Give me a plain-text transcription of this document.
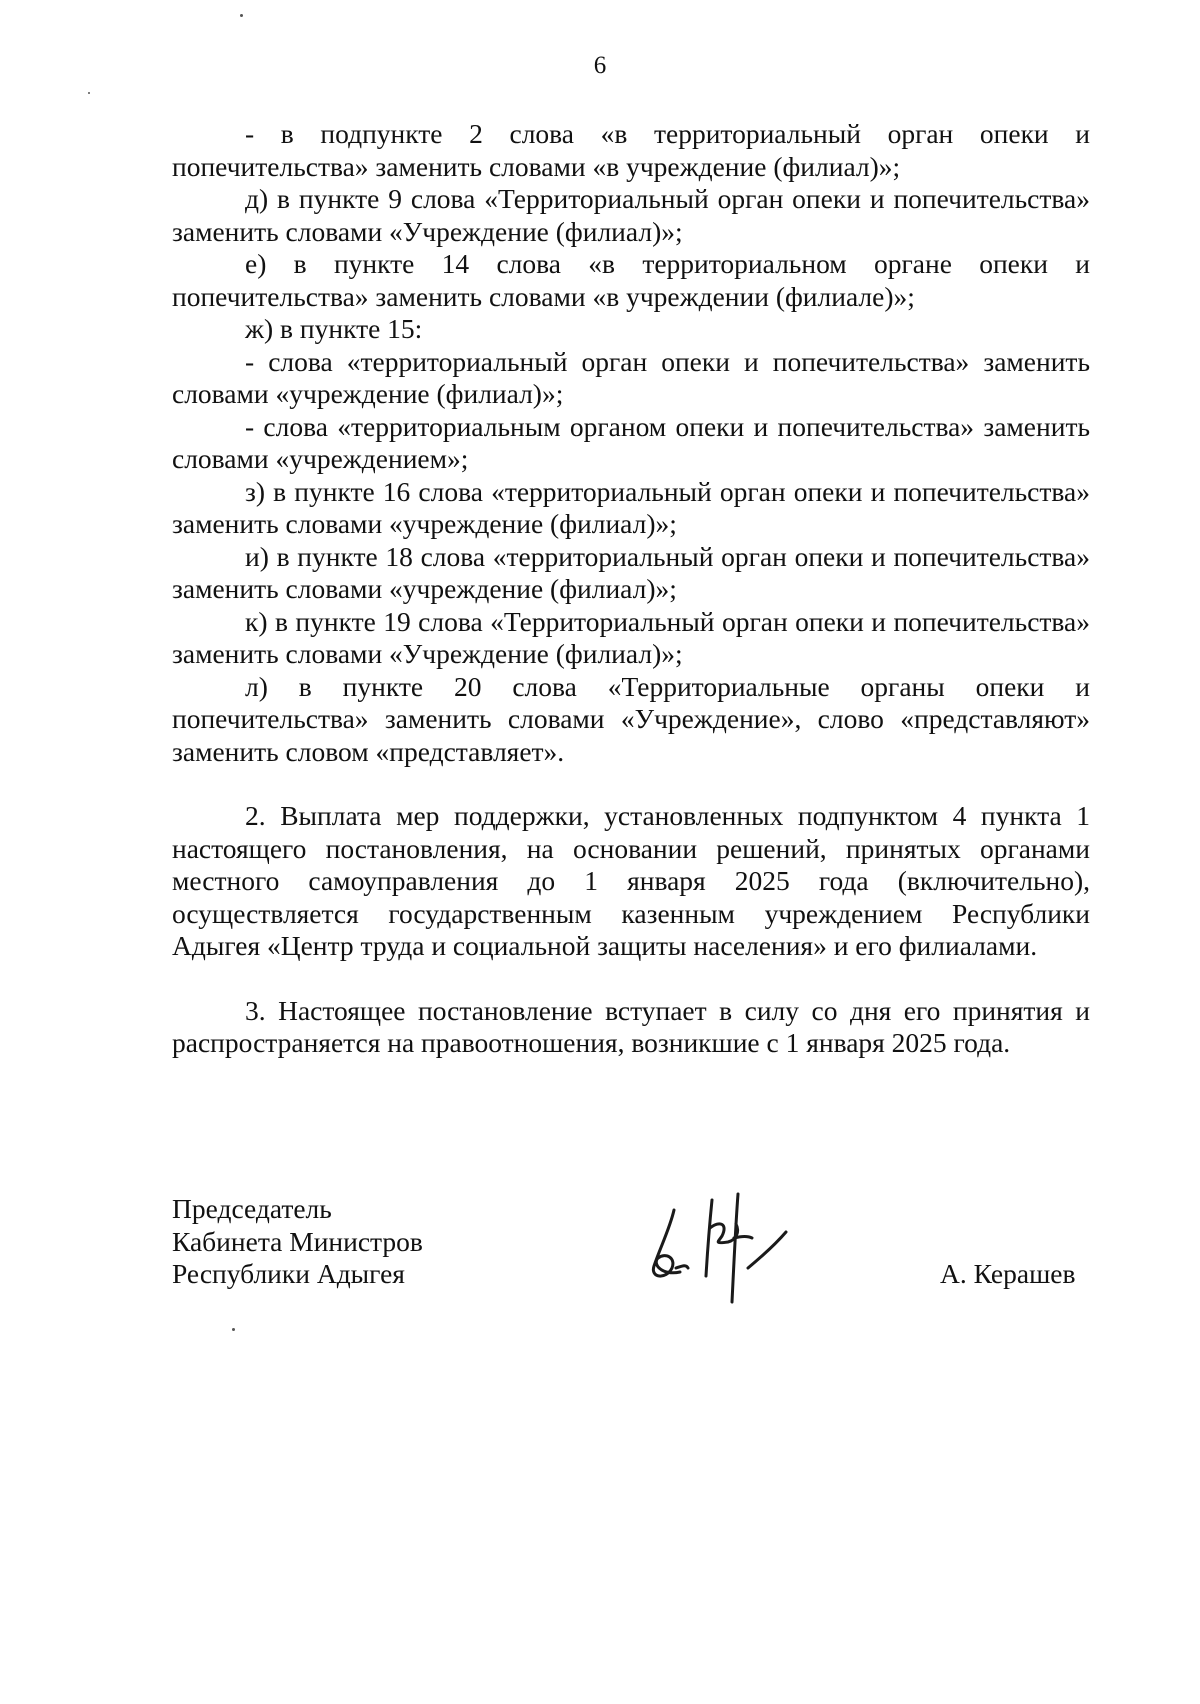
6

- в подпункте 2 слова «в территориальный орган опеки и попечительства» заменить словами «в учреждение (филиал)»;

д) в пункте 9 слова «Территориальный орган опеки и попечительства» заменить словами «Учреждение (филиал)»;

е) в пункте 14 слова «в территориальном органе опеки и попечительства» заменить словами «в учреждении (филиале)»;

ж) в пункте 15:

- слова «территориальный орган опеки и попечительства» заменить словами «учреждение (филиал)»;

- слова «территориальным органом опеки и попечительства» заменить словами «учреждением»;

з) в пункте 16 слова «территориальный орган опеки и попечительства» заменить словами «учреждение (филиал)»;

и) в пункте 18 слова «территориальный орган опеки и попечительства» заменить словами «учреждение (филиал)»;

к) в пункте 19 слова «Территориальный орган опеки и попечительства» заменить словами «Учреждение (филиал)»;

л) в пункте 20 слова «Территориальные органы опеки и попечительства» заменить словами «Учреждение», слово «представляют» заменить словом «представляет».

2. Выплата мер поддержки, установленных подпунктом 4 пункта 1 настоящего постановления, на основании решений, принятых органами местного самоуправления до 1 января 2025 года (включительно), осуществляется государственным казенным учреждением Республики Адыгея «Центр труда и социальной защиты населения» и его филиалами.

3. Настоящее постановление вступает в силу со дня его принятия и распространяется на правоотношения, возникшие с 1 января 2025 года.

Председатель
Кабинета Министров
Республики Адыгея	А. Керашев
